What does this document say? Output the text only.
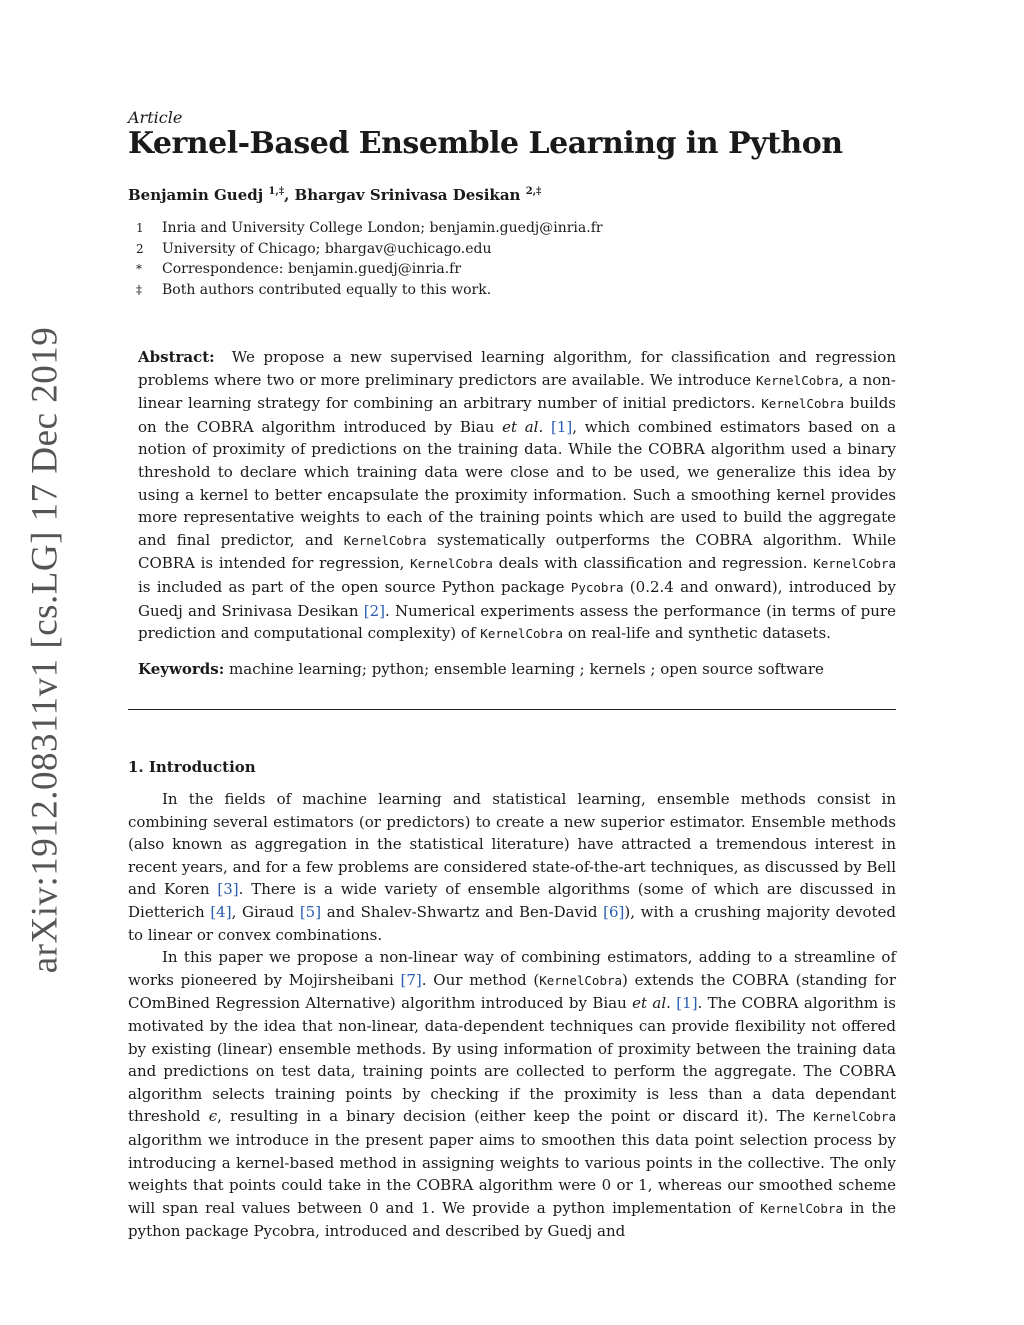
arXiv:1912.08311v1 [cs.LG] 17 Dec 2019

Article

Kernel-Based Ensemble Learning in Python
Benjamin Guedj $^{1,\ddagger}$, Bhargav Srinivasa Desikan $^{2,\ddagger}$
1	Inria and University College London; benjamin.guedj@inria.fr
2	University of Chicago; bhargav@uchicago.edu
*	Correspondence: benjamin.guedj@inria.fr
‡	Both authors contributed equally to this work.
Abstract: We propose a new supervised learning algorithm, for classification and regression problems where two or more preliminary predictors are available. We introduce KernelCobra, a non-linear learning strategy for combining an arbitrary number of initial predictors. KernelCobra builds on the COBRA algorithm introduced by Biau et al. [1], which combined estimators based on a notion of proximity of predictions on the training data. While the COBRA algorithm used a binary threshold to declare which training data were close and to be used, we generalize this idea by using a kernel to better encapsulate the proximity information. Such a smoothing kernel provides more representative weights to each of the training points which are used to build the aggregate and final predictor, and KernelCobra systematically outperforms the COBRA algorithm. While COBRA is intended for regression, KernelCobra deals with classification and regression. KernelCobra is included as part of the open source Python package Pycobra (0.2.4 and onward), introduced by Guedj and Srinivasa Desikan [2]. Numerical experiments assess the performance (in terms of pure prediction and computational complexity) of KernelCobra on real-life and synthetic datasets.
Keywords: machine learning; python; ensemble learning ; kernels ; open source software
1. Introduction

In the fields of machine learning and statistical learning, ensemble methods consist in combining several estimators (or predictors) to create a new superior estimator. Ensemble methods (also known as aggregation in the statistical literature) have attracted a tremendous interest in recent years, and for a few problems are considered state-of-the-art techniques, as discussed by Bell and Koren [3]. There is a wide variety of ensemble algorithms (some of which are discussed in Dietterich [4], Giraud [5] and Shalev-Shwartz and Ben-David [6]), with a crushing majority devoted to linear or convex combinations.

In this paper we propose a non-linear way of combining estimators, adding to a streamline of works pioneered by Mojirsheibani [7]. Our method (KernelCobra) extends the COBRA (standing for COmBined Regression Alternative) algorithm introduced by Biau et al. [1]. The COBRA algorithm is motivated by the idea that non-linear, data-dependent techniques can provide flexibility not offered by existing (linear) ensemble methods. By using information of proximity between the training data and predictions on test data, training points are collected to perform the aggregate. The COBRA algorithm selects training points by checking if the proximity is less than a data dependant threshold ϵ, resulting in a binary decision (either keep the point or discard it). The KernelCobra algorithm we introduce in the present paper aims to smoothen this data point selection process by introducing a kernel-based method in assigning weights to various points in the collective. The only weights that points could take in the COBRA algorithm were 0 or 1, whereas our smoothed scheme will span real values between 0 and 1. We provide a python implementation of KernelCobra in the python package Pycobra, introduced and described by Guedj and
